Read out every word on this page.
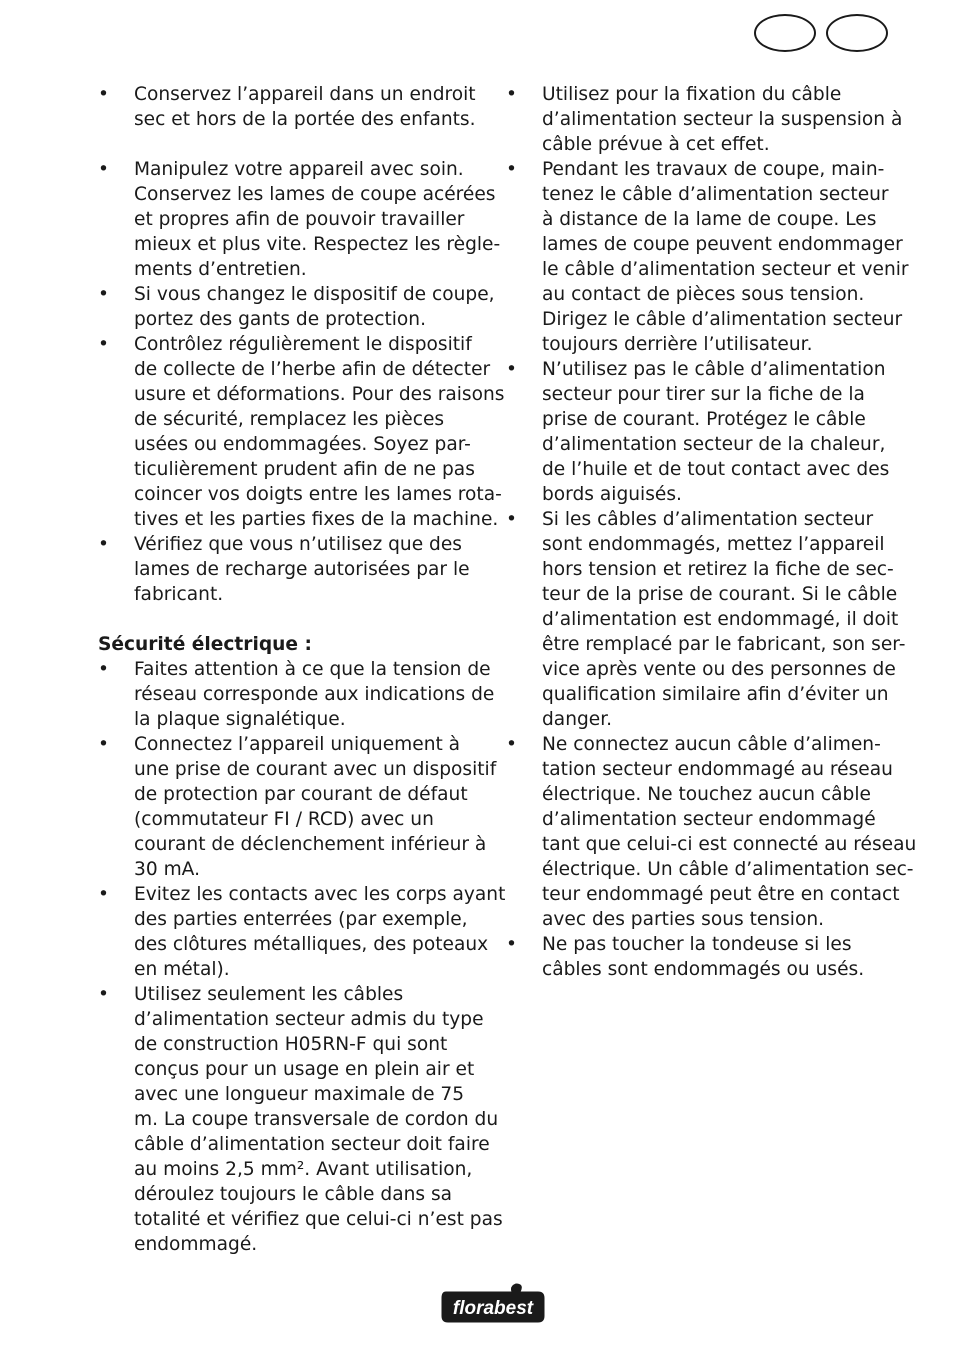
• Conservez l’appareil dans un endroit
sec et hors de la portée des enfants.
• Manipulez votre appareil avec soin.
Conservez les lames de coupe acérées
et propres afin de pouvoir travailler
mieux et plus vite. Respectez les règle-
ments d’entretien.
• Si vous changez le dispositif de coupe,
portez des gants de protection.
• Contrôlez régulièrement le dispositif
de collecte de l’herbe afin de détecter
usure et déformations. Pour des raisons
de sécurité, remplacez les pièces
usées ou endommagées. Soyez par-
ticulièrement prudent afin de ne pas
coincer vos doigts entre les lames rota-
tives et les parties fixes de la machine.
• Vérifiez que vous n’utilisez que des
lames de recharge autorisées par le
fabricant.
Sécurité électrique :
• Faites attention à ce que la tension de
réseau corresponde aux indications de
la plaque signalétique.
• Connectez l’appareil uniquement à
une prise de courant avec un dispositif
de protection par courant de défaut
(commutateur FI / RCD) avec un
courant de déclenchement inférieur à
30 mA.
• Evitez les contacts avec les corps ayant
des parties enterrées (par exemple,
des clôtures métalliques, des poteaux
en métal).
• Utilisez seulement les câbles
d’alimentation secteur admis du type
de construction H05RN-F qui sont
conçus pour un usage en plein air et
avec une longueur maximale de 75
m. La coupe transversale de cordon du
câble d’alimentation secteur doit faire
au moins 2,5 mm². Avant utilisation,
déroulez toujours le câble dans sa
totalité et vérifiez que celui-ci n’est pas
endommagé.
• Utilisez pour la fixation du câble
d’alimentation secteur la suspension à
câble prévue à cet effet.
• Pendant les travaux de coupe, main-
tenez le câble d’alimentation secteur
à distance de la lame de coupe. Les
lames de coupe peuvent endommager
le câble d’alimentation secteur et venir
au contact de pièces sous tension.
Dirigez le câble d’alimentation secteur
toujours derrière l’utilisateur.
• N’utilisez pas le câble d’alimentation
secteur pour tirer sur la fiche de la
prise de courant. Protégez le câble
d’alimentation secteur de la chaleur,
de l’huile et de tout contact avec des
bords aiguisés.
• Si les câbles d’alimentation secteur
sont endommagés, mettez l’appareil
hors tension et retirez la fiche de sec-
teur de la prise de courant. Si le câble
d’alimentation est endommagé, il doit
être remplacé par le fabricant, son ser-
vice après vente ou des personnes de
qualification similaire afin d’éviter un
danger.
• Ne connectez aucun câble d’alimen-
tation secteur endommagé au réseau
électrique. Ne touchez aucun câble
d’alimentation secteur endommagé
tant que celui-ci est connecté au réseau
électrique. Un câble d’alimentation sec-
teur endommagé peut être en contact
avec des parties sous tension.
• Ne pas toucher la tondeuse si les
câbles sont endommagés ou usés.
florabest
